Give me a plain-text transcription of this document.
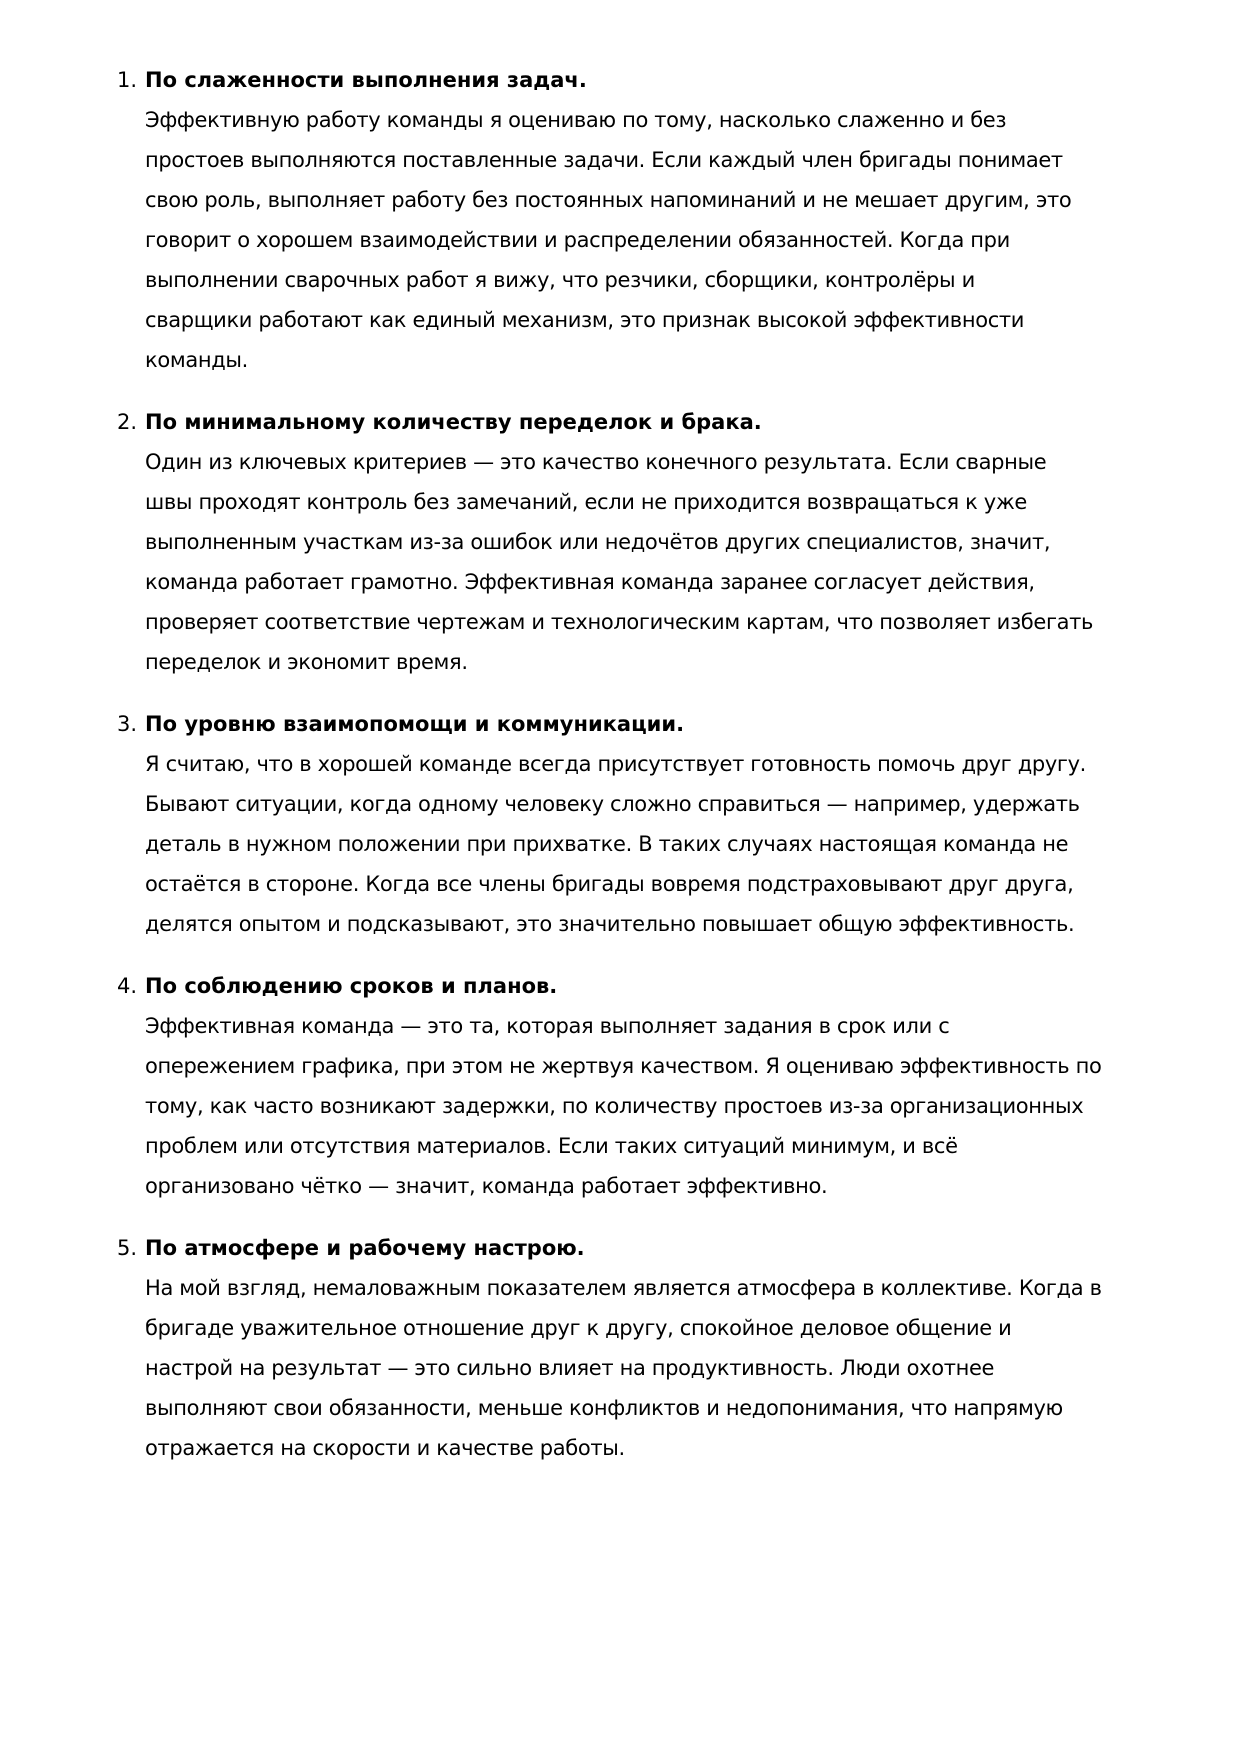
1. По слаженности выполнения задач.
Эффективную работу команды я оцениваю по тому, насколько слаженно и без
простоев выполняются поставленные задачи. Если каждый член бригады понимает
свою роль, выполняет работу без постоянных напоминаний и не мешает другим, это
говорит о хорошем взаимодействии и распределении обязанностей. Когда при
выполнении сварочных работ я вижу, что резчики, сборщики, контролёры и
сварщики работают как единый механизм, это признак высокой эффективности
команды.
2. По минимальному количеству переделок и брака.
Один из ключевых критериев — это качество конечного результата. Если сварные
швы проходят контроль без замечаний, если не приходится возвращаться к уже
выполненным участкам из-за ошибок или недочётов других специалистов, значит,
команда работает грамотно. Эффективная команда заранее согласует действия,
проверяет соответствие чертежам и технологическим картам, что позволяет избегать
переделок и экономит время.
3. По уровню взаимопомощи и коммуникации.
Я считаю, что в хорошей команде всегда присутствует готовность помочь друг другу.
Бывают ситуации, когда одному человеку сложно справиться — например, удержать
деталь в нужном положении при прихватке. В таких случаях настоящая команда не
остаётся в стороне. Когда все члены бригады вовремя подстраховывают друг друга,
делятся опытом и подсказывают, это значительно повышает общую эффективность.
4. По соблюдению сроков и планов.
Эффективная команда — это та, которая выполняет задания в срок или с
опережением графика, при этом не жертвуя качеством. Я оцениваю эффективность по
тому, как часто возникают задержки, по количеству простоев из-за организационных
проблем или отсутствия материалов. Если таких ситуаций минимум, и всё
организовано чётко — значит, команда работает эффективно.
5. По атмосфере и рабочему настрою.
На мой взгляд, немаловажным показателем является атмосфера в коллективе. Когда в
бригаде уважительное отношение друг к другу, спокойное деловое общение и
настрой на результат — это сильно влияет на продуктивность. Люди охотнее
выполняют свои обязанности, меньше конфликтов и недопонимания, что напрямую
отражается на скорости и качестве работы.
